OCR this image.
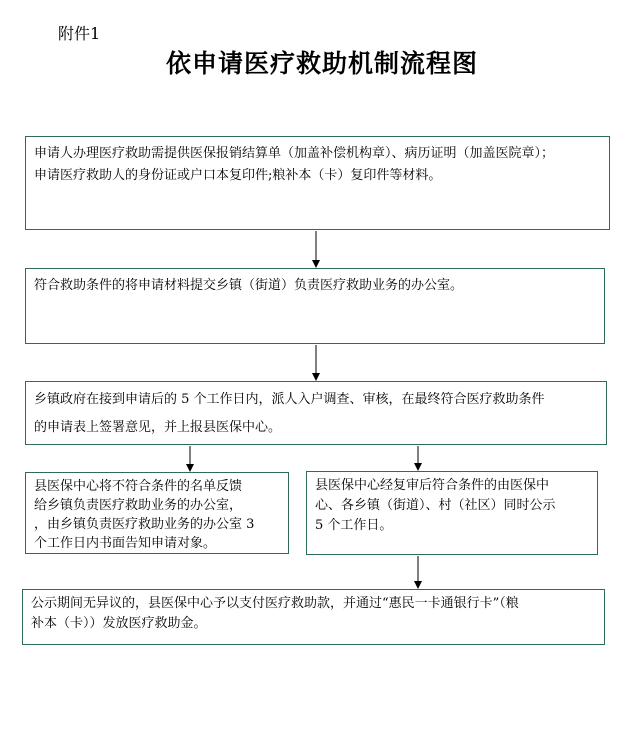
附件1
依申请医疗救助机制流程图

申请人办理医疗救助需提供医保报销结算单（加盖补偿机构章）、病历证明（加盖医院章）；

申请医疗救助人的身份证或户口本复印件;粮补本（卡）复印件等材料。

符合救助条件的将申请材料提交乡镇（街道）负责医疗救助业务的办公室。

乡镇政府在接到申请后的 5 个工作日内，派人入户调查、审核，在最终符合医疗救助条件

的申请表上签署意见，并上报县医保中心。

县医保中心将不符合条件的名单反馈

给乡镇负责医疗救助业务的办公室，

，由乡镇负责医疗救助业务的办公室 3

个工作日内书面告知申请对象。

县医保中心经复审后符合条件的由医保中

心、各乡镇（街道）、村（社区）同时公示

5 个工作日。

公示期间无异议的，县医保中心予以支付医疗救助款，并通过“惠民一卡通银行卡”（粮

补本（卡））发放医疗救助金。
